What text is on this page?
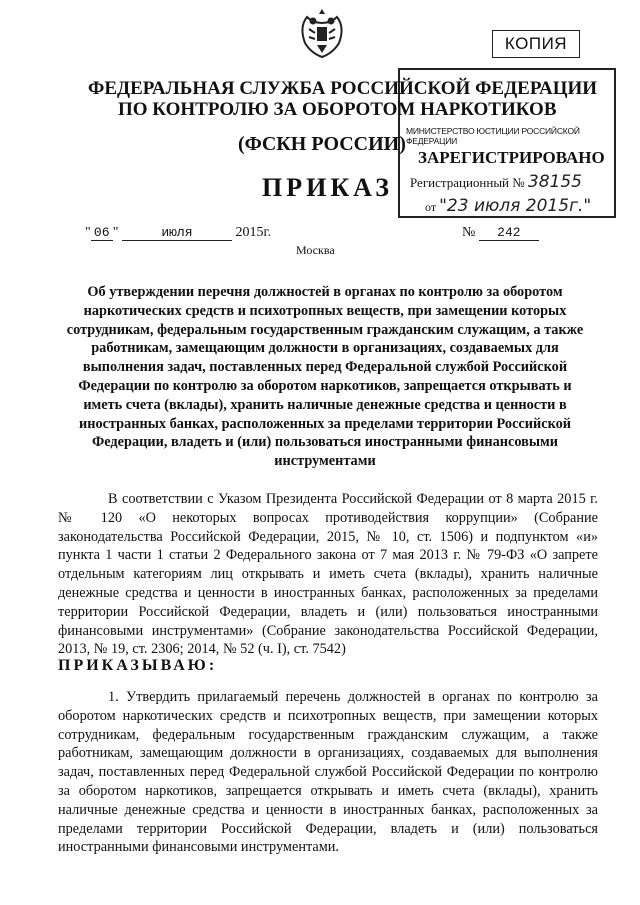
КОПИЯ
МИНИСТЕРСТВО ЮСТИЦИИ РОССИЙСКОЙ ФЕДЕРАЦИИ
ЗАРЕГИСТРИРОВАНО
Регистрационный № 38155
от "23 июля 2015г."
ФЕДЕРАЛЬНАЯ СЛУЖБА РОССИЙСКОЙ ФЕДЕРАЦИИ
ПО КОНТРОЛЮ ЗА ОБОРОТОМ НАРКОТИКОВ
(ФСКН РОССИИ)
ПРИКАЗ
" 06 "	июля	2015г.	№ 242
Москва
Об утверждении перечня должностей в органах по контролю за оборотом наркотических средств и психотропных веществ, при замещении которых сотрудникам, федеральным государственным гражданским служащим, а также работникам, замещающим должности в организациях, создаваемых для выполнения задач, поставленных перед Федеральной службой Российской Федерации по контролю за оборотом наркотиков, запрещается открывать и иметь счета (вклады), хранить наличные денежные средства и ценности в иностранных банках, расположенных за пределами территории Российской Федерации, владеть и (или) пользоваться иностранными финансовыми инструментами
В соответствии с Указом Президента Российской Федерации от 8 марта 2015 г. № 120 «О некоторых вопросах противодействия коррупции» (Собрание законодательства Российской Федерации, 2015, № 10, ст. 1506) и подпунктом «и» пункта 1 части 1 статьи 2 Федерального закона от 7 мая 2013 г. № 79-ФЗ «О запрете отдельным категориям лиц открывать и иметь счета (вклады), хранить наличные денежные средства и ценности в иностранных банках, расположенных за пределами территории Российской Федерации, владеть и (или) пользоваться иностранными финансовыми инструментами» (Собрание законодательства Российской Федерации, 2013, № 19, ст. 2306; 2014, № 52 (ч. I), ст. 7542)
ПРИКАЗЫВАЮ:
1. Утвердить прилагаемый перечень должностей в органах по контролю за оборотом наркотических средств и психотропных веществ, при замещении которых сотрудникам, федеральным государственным гражданским служащим, а также работникам, замещающим должности в организациях, создаваемых для выполнения задач, поставленных перед Федеральной службой Российской Федерации по контролю за оборотом наркотиков, запрещается открывать и иметь счета (вклады), хранить наличные денежные средства и ценности в иностранных банках, расположенных за пределами территории Российской Федерации, владеть и (или) пользоваться иностранными финансовыми инструментами.
